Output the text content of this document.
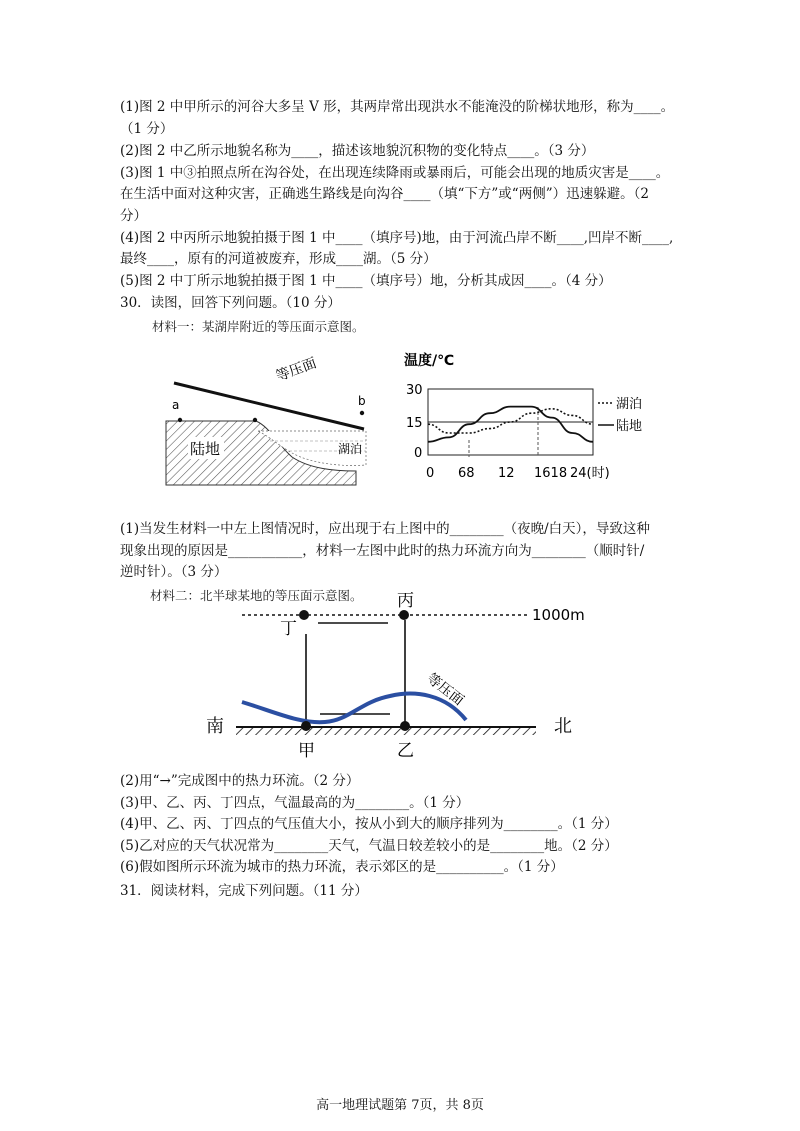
(1)图 2 中甲所示的河谷大多呈 V 形，其两岸常出现洪水不能淹没的阶梯状地形，称为____。
（1 分）
(2)图 2 中乙所示地貌名称为____，描述该地貌沉积物的变化特点____。（3 分）
(3)图 1 中③拍照点所在沟谷处，在出现连续降雨或暴雨后，可能会出现的地质灾害是____。
在生活中面对这种灾害，正确逃生路线是向沟谷____（填“下方”或“两侧”）迅速躲避。（2
分）
(4)图 2 中丙所示地貌拍摄于图 1 中____（填序号)地，由于河流凸岸不断____,凹岸不断____,
最终____，原有的河道被废弃，形成____湖。（5 分）
(5)图 2 中丁所示地貌拍摄于图 1 中____（填序号）地，分析其成因____。（4 分）
30．读图，回答下列问题。（10 分）
材料一：某湖岸附近的等压面示意图。
等压面
a	b
陆地	湖泊
温度/℃
30
15
0
0 68 12 1618 24(时)
湖泊
陆地
(1)当发生材料一中左上图情况时，应出现于右上图中的________（夜晚/白天），导致这种
现象出现的原因是___________，材料一左图中此时的热力环流方向为________（顺时针/
逆时针）。（3 分）
材料二：北半球某地的等压面示意图。
1000m
丙
丁
等压面
南	北
甲	乙
(2)用“→”完成图中的热力环流。（2 分）
(3)甲、乙、丙、丁四点，气温最高的为________。（1 分）
(4)甲、乙、丙、丁四点的气压值大小，按从小到大的顺序排列为________。（1 分）
(5)乙对应的天气状况常为________天气，气温日较差较小的是________地。（2 分）
(6)假如图所示环流为城市的热力环流，表示郊区的是__________。（1 分）
31．阅读材料，完成下列问题。（11 分）
高一地理试题第 7页，共 8页
